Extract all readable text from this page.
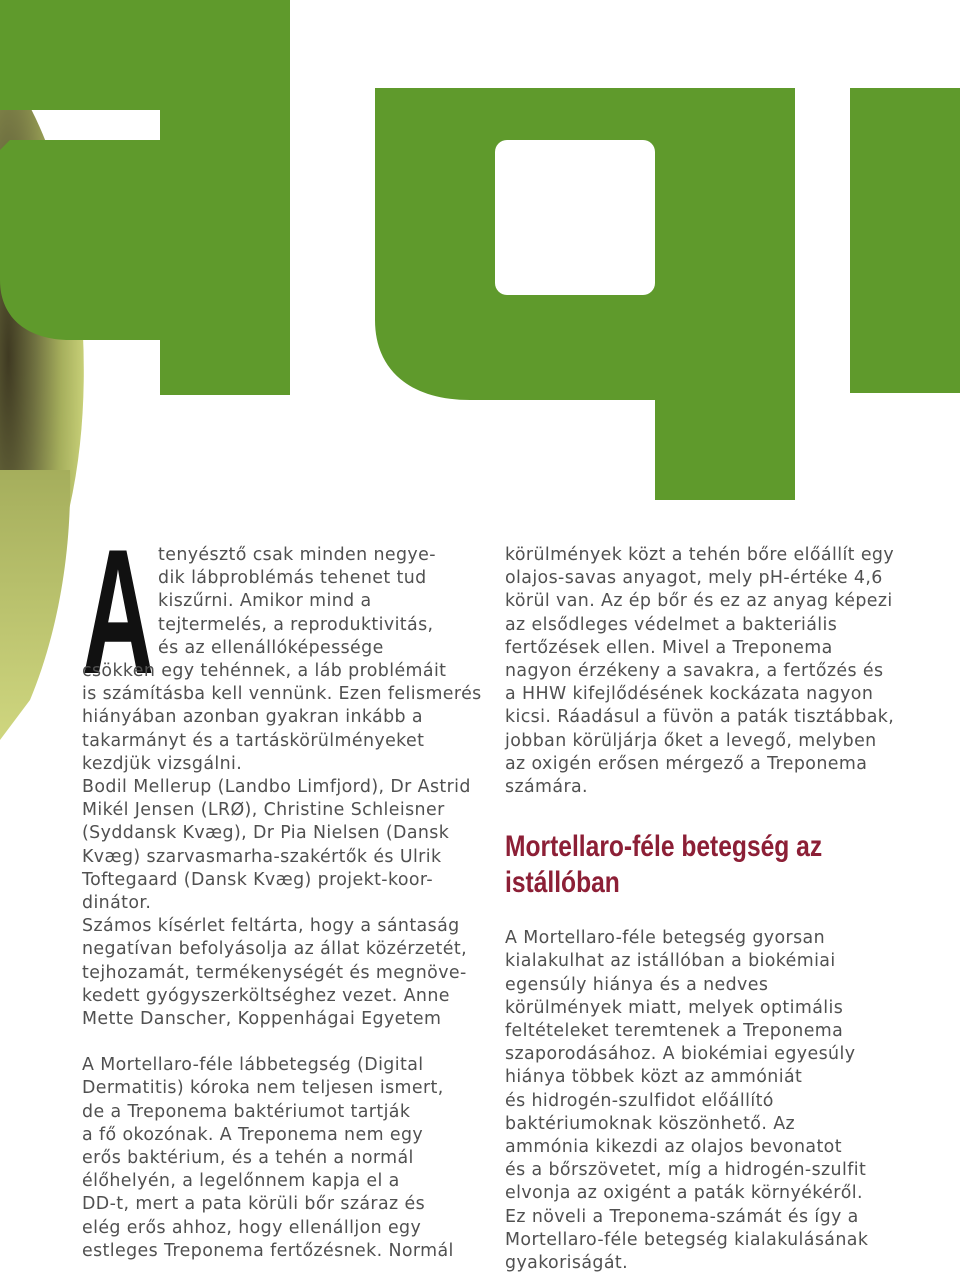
A tenyésztő csak minden negye-
dik lábproblémás tehenet tud
kiszűrni. Amikor mind a
tejtermelés, a reproduktivitás,
és az ellenállóképessége

csökken egy tehénnek, a láb problémáit
is számításba kell vennünk. Ezen felismerés
hiányában azonban gyakran inkább a
takarmányt és a tartáskörülményeket
kezdjük vizsgálni.

Bodil Mellerup (Landbo Limfjord), Dr Astrid
Mikél Jensen (LRØ), Christine Schleisner
(Syddansk Kvæg), Dr Pia Nielsen (Dansk
Kvæg) szarvasmarha-szakértők és Ulrik
Toftegaard (Dansk Kvæg) projekt-koor-
dinátor.

Számos kísérlet feltárta, hogy a sántaság
negatívan befolyásolja az állat közérzetét,
tejhozamát, termékenységét és megnöve-
kedett gyógyszerköltséghez vezet. Anne
Mette Danscher, Koppenhágai Egyetem

A Mortellaro-féle lábbetegség (Digital
Dermatitis) kóroka nem teljesen ismert,
de a Treponema baktériumot tartják
a fő okozónak. A Treponema nem egy
erős baktérium, és a tehén a normál
élőhelyén, a legelőnnem kapja el a
DD-t, mert a pata körüli bőr száraz és
elég erős ahhoz, hogy ellenálljon egy
estleges Treponema fertőzésnek. Normál

körülmények közt a tehén bőre előállít egy
olajos-savas anyagot, mely pH-értéke 4,6
körül van. Az ép bőr és ez az anyag képezi
az elsődleges védelmet a bakteriális
fertőzések ellen. Mivel a Treponema
nagyon érzékeny a savakra, a fertőzés és
a HHW kifejlődésének kockázata nagyon
kicsi. Ráadásul a füvön a paták tisztábbak,
jobban körüljárja őket a levegő, melyben
az oxigén erősen mérgező a Treponema
számára.

Mortellaro-féle betegség az
istállóban

A Mortellaro-féle betegség gyorsan
kialakulhat az istállóban a biokémiai
egensúly hiánya és a nedves
körülmények miatt, melyek optimális
feltételeket teremtenek a Treponema
szaporodásához. A biokémiai egyesúly
hiánya többek közt az ammóniát
és hidrogén-szulfidot előállító
baktériumoknak köszönhető. Az
ammónia kikezdi az olajos bevonatot
és a bőrszövetet, míg a hidrogén-szulfit
elvonja az oxigént a paták környékéről.
Ez növeli a Treponema-számát és így a
Mortellaro-féle betegség kialakulásának
gyakoriságát.
